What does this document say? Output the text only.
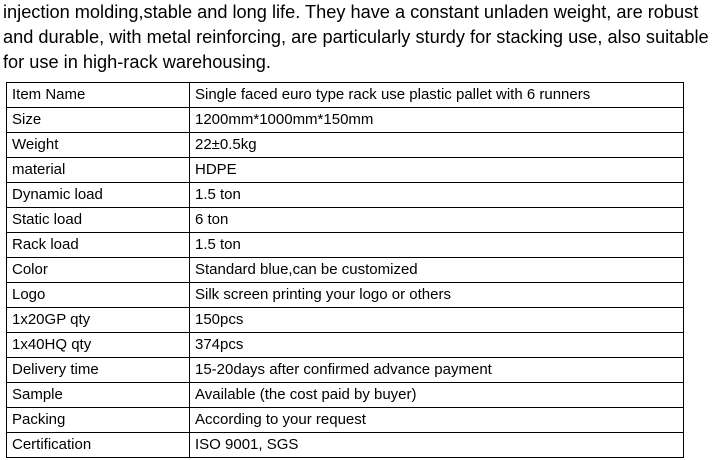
injection molding,stable and long life. They have a constant unladen weight, are robust
and durable, with metal reinforcing, are particularly sturdy for stacking use, also suitable
for use in high-rack warehousing.
Item Name	Single faced euro type rack use plastic pallet with 6 runners
Size	1200mm*1000mm*150mm
Weight	22±0.5kg
material	HDPE
Dynamic load	1.5 ton
Static load	6 ton
Rack load	1.5 ton
Color	Standard blue,can be customized
Logo	Silk screen printing your logo or others
1x20GP qty	150pcs
1x40HQ qty	374pcs
Delivery time	15-20days after confirmed advance payment
Sample	Available (the cost paid by buyer)
Packing	According to your request
Certification	ISO 9001, SGS
